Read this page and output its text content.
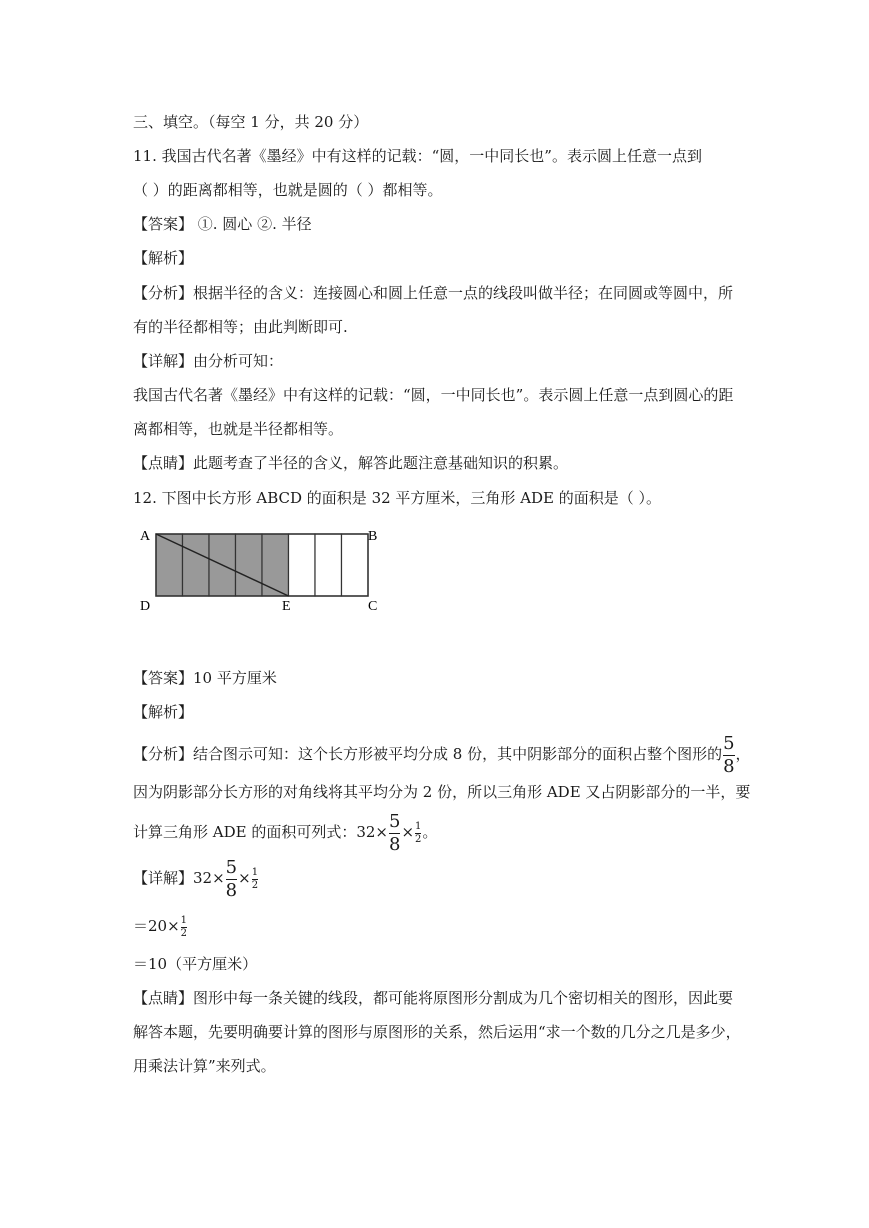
三、填空。（每空 1 分，共 20 分）
11. 我国古代名著《墨经》中有这样的记载：“圆，一中同长也”。表示圆上任意一点到
（ ）的距离都相等，也就是圆的（ ）都相等。
【答案】 ①. 圆心 ②. 半径
【解析】
【分析】根据半径的含义：连接圆心和圆上任意一点的线段叫做半径；在同圆或等圆中，所
有的半径都相等；由此判断即可.
【详解】由分析可知：
我国古代名著《墨经》中有这样的记载：“圆，一中同长也”。表示圆上任意一点到圆心的距
离都相等，也就是半径都相等。
【点睛】此题考查了半径的含义，解答此题注意基础知识的积累。
12. 下图中长方形 ABCD 的面积是 32 平方厘米，三角形 ADE 的面积是（ ）。
A	B
C
D	E
【答案】10 平方厘米
【解析】
【分析】结合图示可知：这个长方形被平均分成 8 份，其中阴影部分的面积占整个图形的 $\frac{5}{8}$ ，
因为阴影部分长方形的对角线将其平均分为 2 份，所以三角形 ADE 又占阴影部分的一半，要
计算三角形 ADE 的面积可列式：$32\times \frac{5}{8} \times \frac{1}{2}$ 。
【详解】$32\times \frac{5}{8} \times \frac{1}{2}$
$=20\times \frac{1}{2}$
＝10（平方厘米）
【点睛】图形中每一条关键的线段，都可能将原图形分割成为几个密切相关的图形，因此要
解答本题，先要明确要计算的图形与原图形的关系，然后运用“求一个数的几分之几是多少，
用乘法计算”来列式。
